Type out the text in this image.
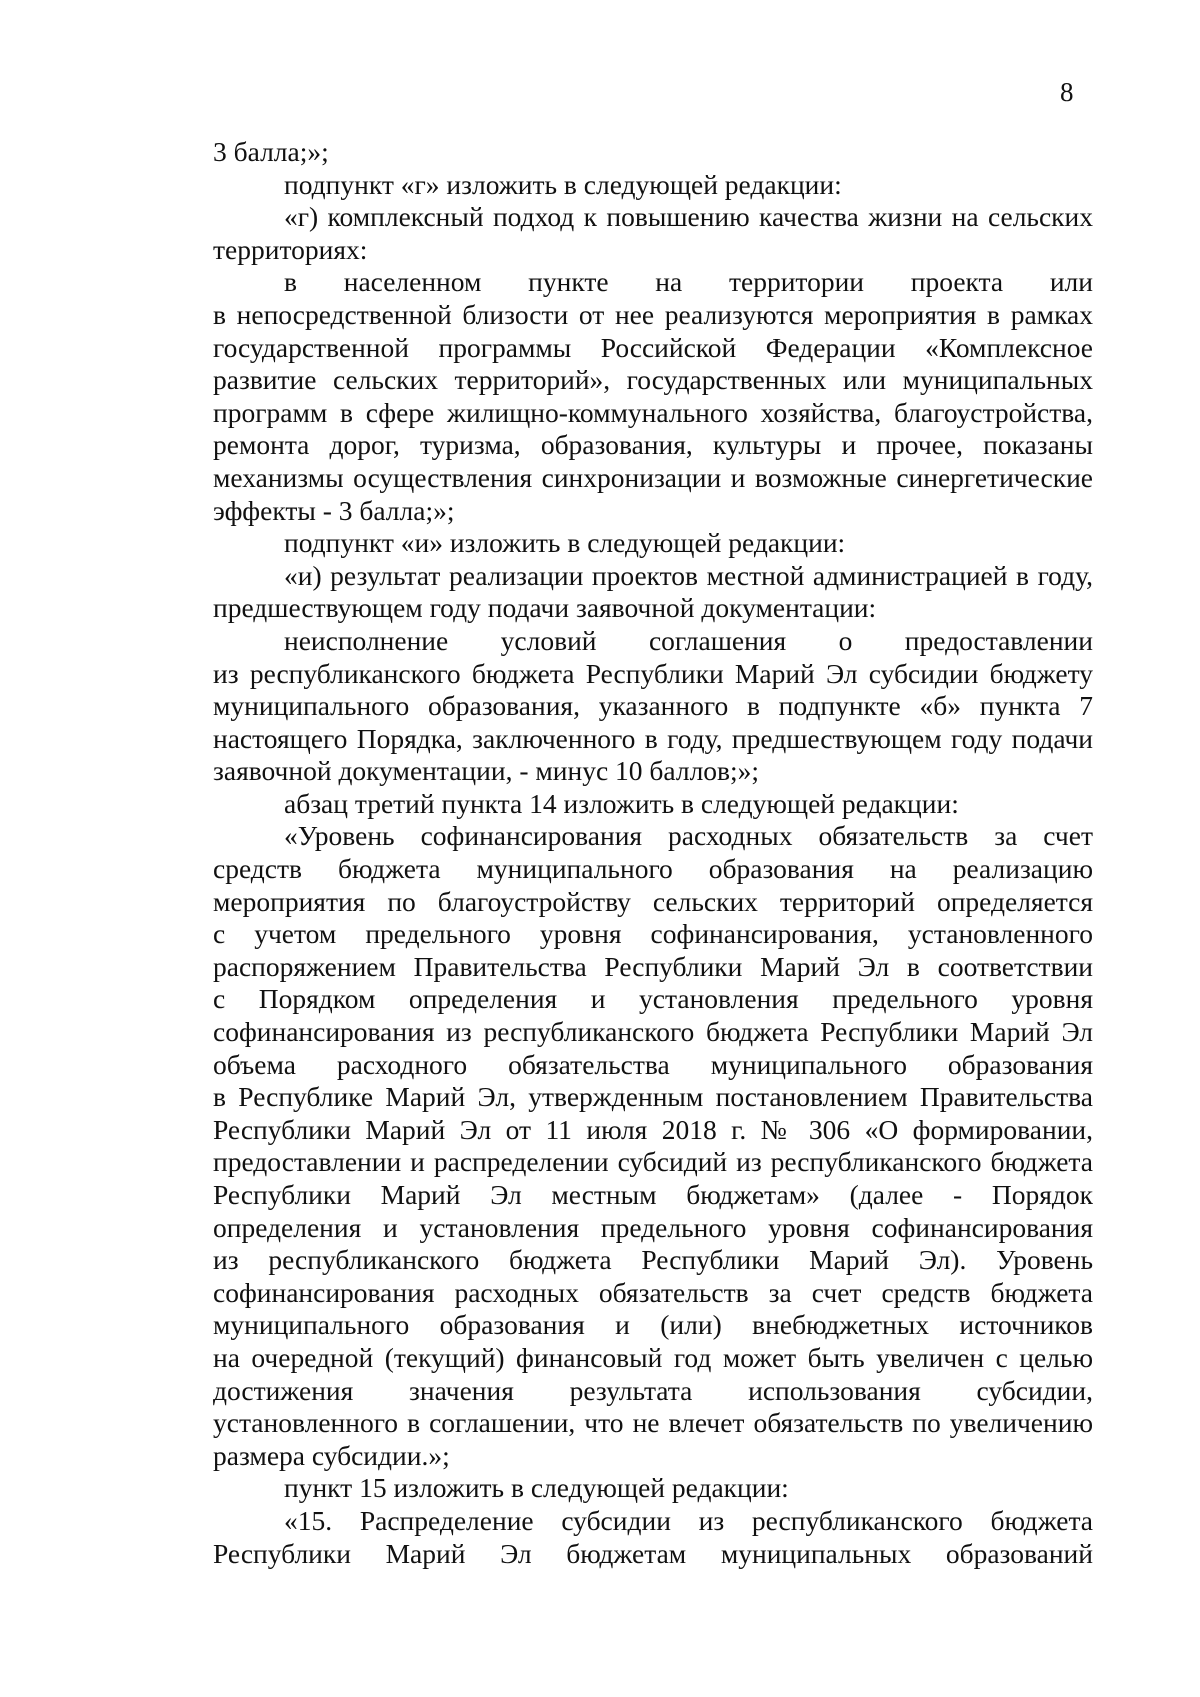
8
3 балла;»;
подпункт «г» изложить в следующей редакции:
«г) комплексный подход к повышению качества жизни на сельских
территориях:
в населенном пункте на территории проекта или
в непосредственной близости от нее реализуются мероприятия в рамках
государственной программы Российской Федерации «Комплексное
развитие сельских территорий», государственных или муниципальных
программ в сфере жилищно-коммунального хозяйства, благоустройства,
ремонта дорог, туризма, образования, культуры и прочее, показаны
механизмы осуществления синхронизации и возможные синергетические
эффекты - 3 балла;»;
подпункт «и» изложить в следующей редакции:
«и) результат реализации проектов местной администрацией в году,
предшествующем году подачи заявочной документации:
неисполнение условий соглашения о предоставлении
из республиканского бюджета Республики Марий Эл субсидии бюджету
муниципального образования, указанного в подпункте «б» пункта 7
настоящего Порядка, заключенного в году, предшествующем году подачи
заявочной документации, - минус 10 баллов;»;
абзац третий пункта 14 изложить в следующей редакции:
«Уровень софинансирования расходных обязательств за счет
средств бюджета муниципального образования на реализацию
мероприятия по благоустройству сельских территорий определяется
с учетом предельного уровня софинансирования, установленного
распоряжением Правительства Республики Марий Эл в соответствии
с Порядком определения и установления предельного уровня
софинансирования из республиканского бюджета Республики Марий Эл
объема расходного обязательства муниципального образования
в Республике Марий Эл, утвержденным постановлением Правительства
Республики Марий Эл от 11 июля 2018 г. № 306 «О формировании,
предоставлении и распределении субсидий из республиканского бюджета
Республики Марий Эл местным бюджетам» (далее - Порядок
определения и установления предельного уровня софинансирования
из республиканского бюджета Республики Марий Эл). Уровень
софинансирования расходных обязательств за счет средств бюджета
муниципального образования и (или) внебюджетных источников
на очередной (текущий) финансовый год может быть увеличен с целью
достижения значения результата использования субсидии,
установленного в соглашении, что не влечет обязательств по увеличению
размера субсидии.»;
пункт 15 изложить в следующей редакции:
«15. Распределение субсидии из республиканского бюджета
Республики Марий Эл бюджетам муниципальных образований
